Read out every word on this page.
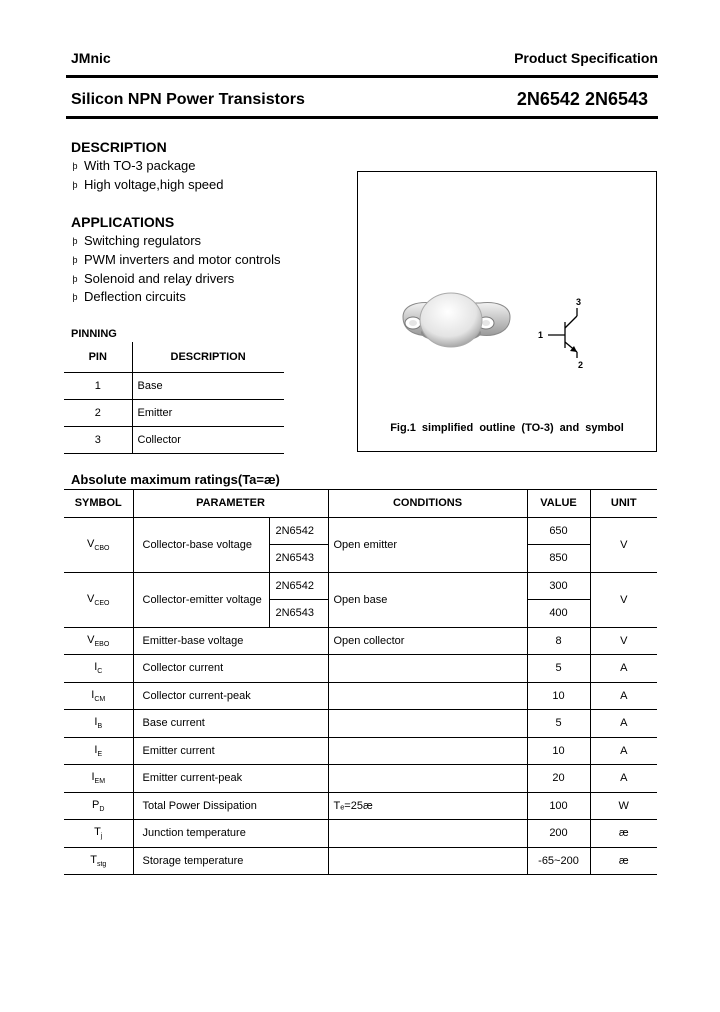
JMnic	Product Specification
Silicon NPN Power Transistors	2N6542 2N6543
DESCRIPTION
þ With TO-3 package
þ High voltage,high speed
APPLICATIONS
þ Switching regulators
þ PWM inverters and motor controls
þ Solenoid and relay drivers
þ Deflection circuits
PINNING
PIN	DESCRIPTION
1	Base
2	Emitter
3	Collector
1
3
2
Fig.1 simplified outline (TO-3) and symbol
Absolute maximum ratings(Ta=æ)
SYMBOL	PARAMETER		CONDITIONS	VALUE	UNIT
$V_{CBO}$	Collector-base voltage	2N6542	Open emitter	650	V
		2N6543		850	
$V_{CEO}$	Collector-emitter voltage	2N6542	Open base	300	V
		2N6543		400	
$V_{EBO}$	Emitter-base voltage		Open collector	8	V
$I_C$	Collector current			5	A
$I_{CM}$	Collector current-peak			10	A
$I_B$	Base current			5	A
$I_E$	Emitter current			10	A
$I_{EM}$	Emitter current-peak			20	A
$P_D$	Total Power Dissipation		Tₑ=25æ	100	W
$T_j$	Junction temperature			200	æ
$T_{stg}$	Storage temperature			-65~200	æ
